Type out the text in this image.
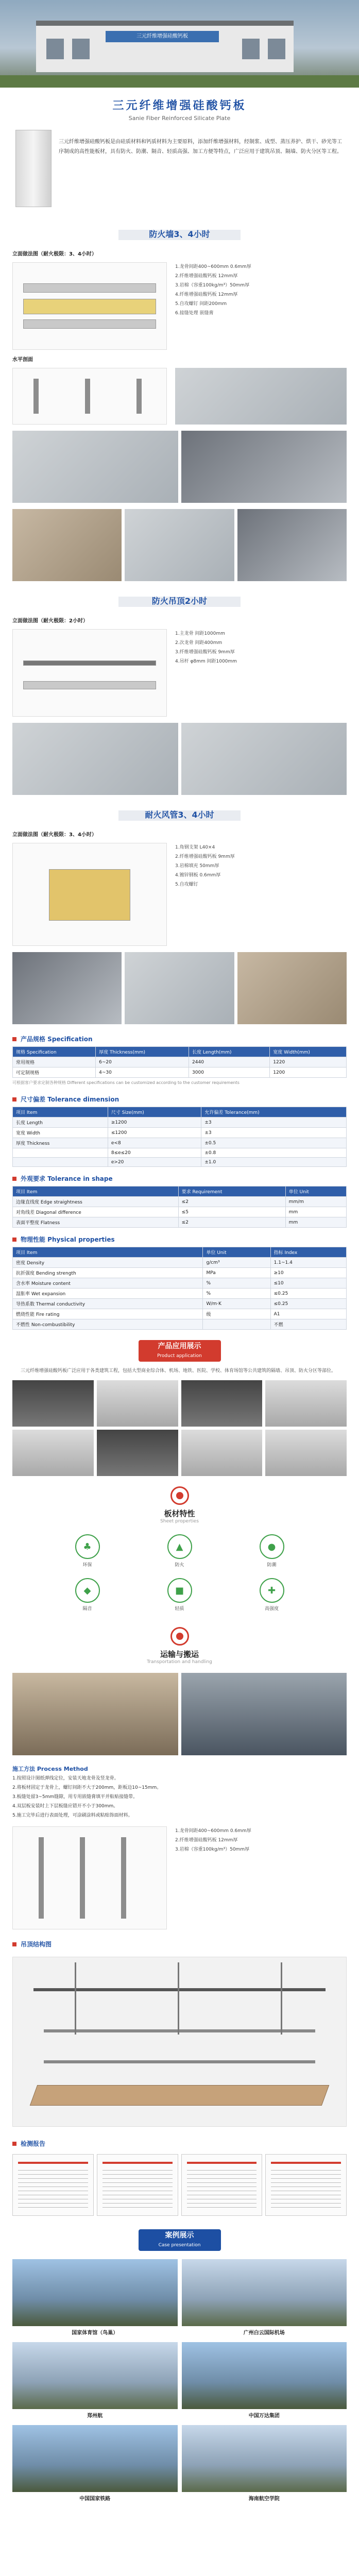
三元纤维增强硅酸钙板
三元纤维增强硅酸钙板
Sanie Fiber Reinforced Silicate Plate
三元纤维增强硅酸钙板是由硅质材料和钙质材料为主要原料，添加纤维增强材料，经制浆、成型、蒸压养护、烘干、砂光等工序制成的高性能板材，具有防火、防潮、隔音、轻质高强、加工方便等特点，广泛应用于建筑吊顶、隔墙、防火分区等工程。
防火墙3、4小时
立面做法图（耐火极限：3、4小时）
1.龙骨间距400~600mm 0.6mm厚
2.纤维增强硅酸钙板 12mm厚
3.岩棉（容重100kg/m³）50mm厚
4.纤维增强硅酸钙板 12mm厚
5.自攻螺钉 间距200mm
6.接缝处理 嵌缝膏
水平剖面
防火吊顶2小时
立面做法图（耐火极限：2小时）
1.主龙骨 间距1000mm
2.次龙骨 间距400mm
3.纤维增强硅酸钙板 9mm厚
4.吊杆 φ8mm 间距1000mm
耐火风管3、4小时
立面做法图（耐火极限：3、4小时）
1.角钢支架 L40×4
2.纤维增强硅酸钙板 9mm厚
3.岩棉填充 50mm厚
4.镀锌钢板 0.6mm厚
5.自攻螺钉
产品规格 Specification
规格 Specification	厚度 Thickness(mm)	长度 Length(mm)	宽度 Width(mm)
常用规格	6~20	2440	1220
可定制规格	4~30	3000	1200
可根据客户要求定制各种规格 Different specifications can be customized according to the customer requirements
尺寸偏差 Tolerance dimension
项目 Item	尺寸 Size(mm)	允许偏差 Tolerance(mm)
长度 Length	≥1200	±3
宽度 Width	≤1200	±3
厚度 Thickness	e<8	±0.5
	8≤e≤20	±0.8
	e>20	±1.0
外观要求 Tolerance in shape
项目 Item	要求 Requirement	单位 Unit
边缘直线度 Edge straightness	≤2	mm/m
对角线差 Diagonal difference	≤5	mm
表面平整度 Flatness	≤2	mm
物理性能 Physical properties
项目 Item	单位 Unit	指标 Index
密度 Density	g/cm³	1.1~1.4
抗折强度 Bending strength	MPa	≥10
含水率 Moisture content	%	≤10
湿胀率 Wet expansion	%	≤0.25
导热系数 Thermal conductivity	W/m·K	≤0.25
燃烧性能 Fire rating	级	A1
不燃性 Non-combustibility		不燃
产品应用展示
Product application
三元纤维增强硅酸钙板广泛应用于各类建筑工程，包括大型商业综合体、机场、地铁、医院、学校、体育场馆等公共建筑的隔墙、吊顶、防火分区等部位。
板材特性
Sheet properties
♣
环保
▲
防火
●
防潮
◆
隔音
■
轻质
✚
高强度
运输与搬运
Transportation and handling
施工方法 Process Method
1.按照设计图纸弹线定位，安装天地龙骨及竖龙骨。
2.将板材固定于龙骨上，螺钉间距不大于200mm，距板边10~15mm。
3.板缝处留3~5mm缝隙，用专用嵌缝膏填平并粘贴接缝带。
4.双层板安装时上下层板缝应错开不小于300mm。
5.施工完毕后进行表面处理，可涂刷涂料或粘贴饰面材料。
1.龙骨间距400~600mm 0.6mm厚
2.纤维增强硅酸钙板 12mm厚
3.岩棉（容重100kg/m³）50mm厚
吊顶结构图
检测报告
案例展示
Case presentation
国家体育馆（鸟巢）	广州白云国际机场
郑州航	中国万达集团
中国国家铁路	海南航空学院
